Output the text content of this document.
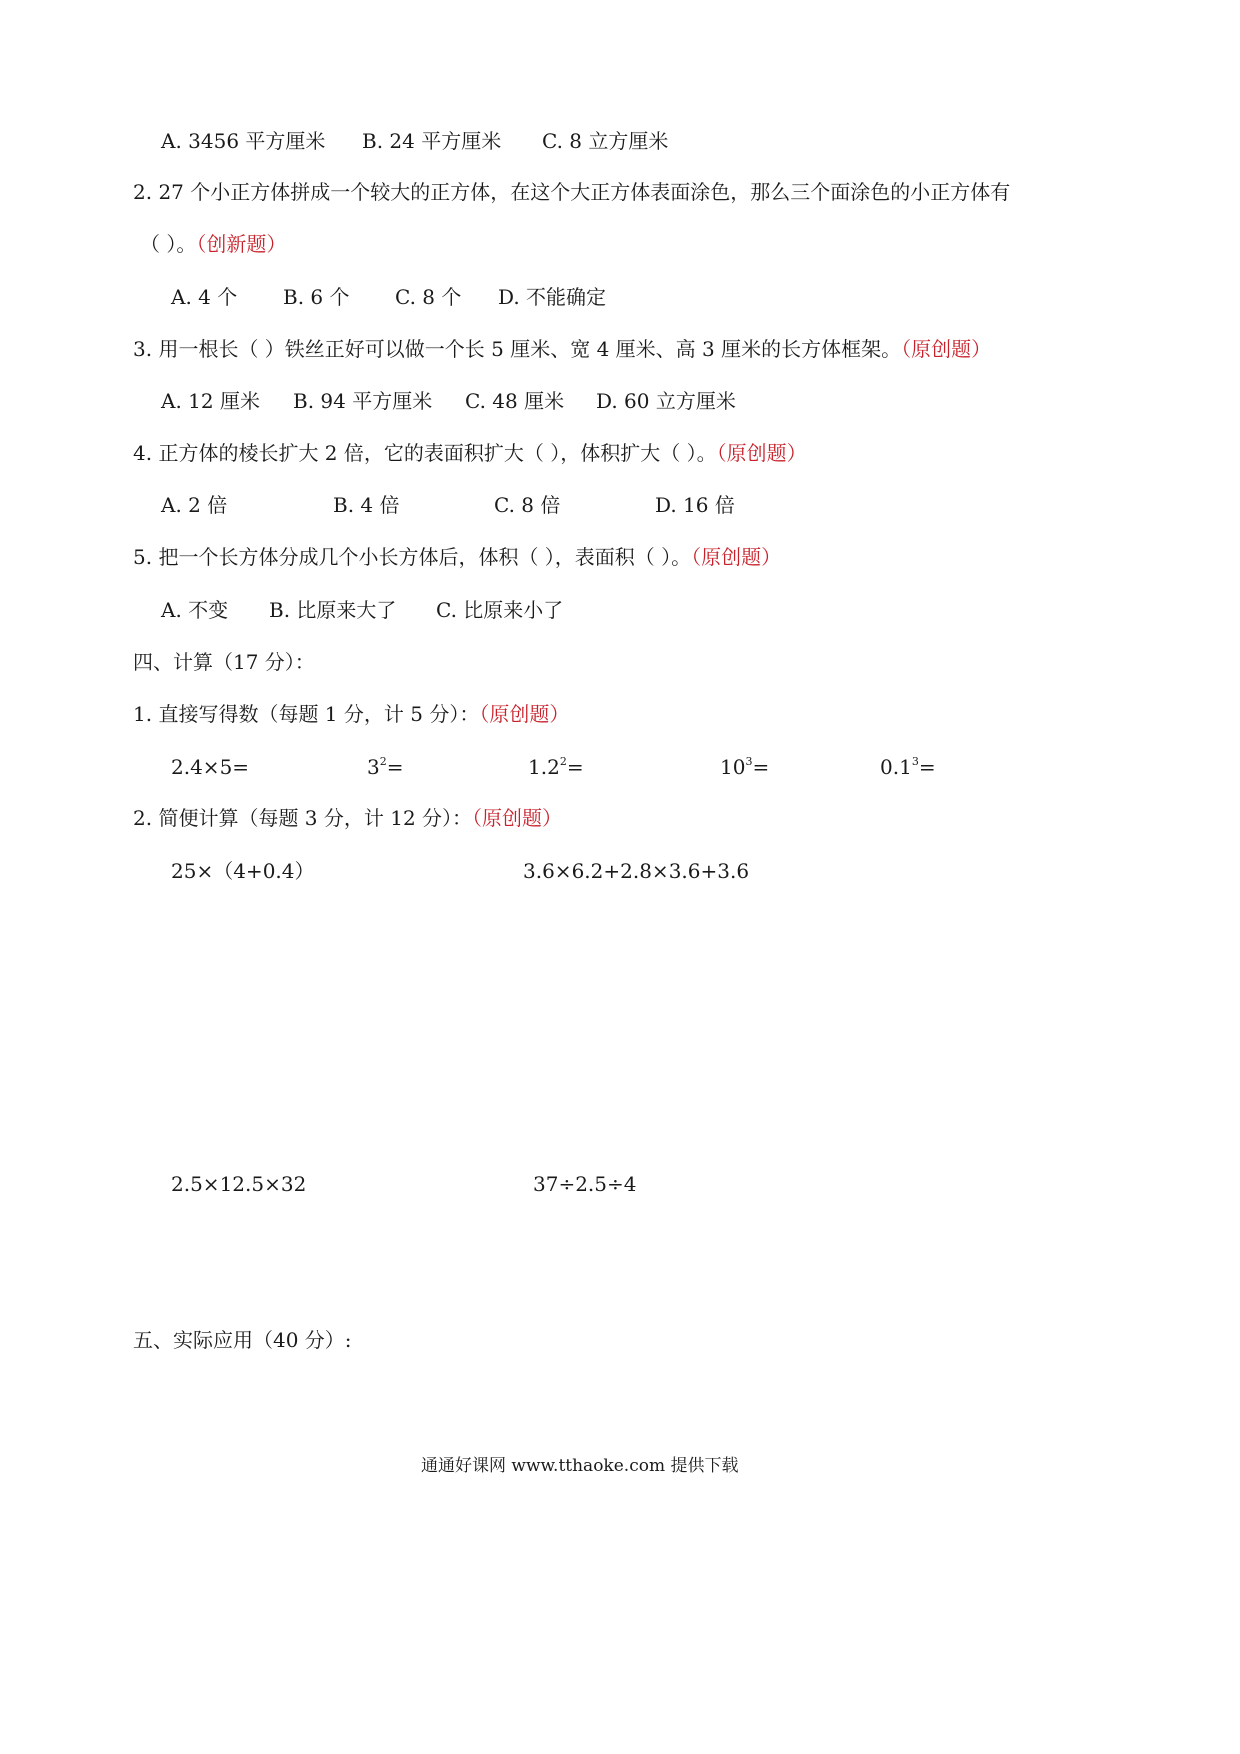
A. 3456 平方厘米 B. 24 平方厘米 C. 8 立方厘米
2. 27 个小正方体拼成一个较大的正方体，在这个大正方体表面涂色，那么三个面涂色的小正方体有
（ ）。（创新题）
A. 4 个 B. 6 个 C. 8 个 D. 不能确定
3. 用一根长（ ）铁丝正好可以做一个长 5 厘米、宽 4 厘米、高 3 厘米的长方体框架。（原创题）
A. 12 厘米 B. 94 平方厘米 C. 48 厘米 D. 60 立方厘米
4. 正方体的棱长扩大 2 倍，它的表面积扩大（ ），体积扩大（ ）。（原创题）
A. 2 倍	B. 4 倍	C. 8 倍	D. 16 倍
5. 把一个长方体分成几个小长方体后，体积（ ），表面积（ ）。（原创题）
A. 不变 B. 比原来大了 C. 比原来小了
四、计算（17 分）：
1. 直接写得数（每题 1 分，计 5 分）：（原创题）
2.4×5=	$3^2=$	$1.2^2=$	$10^3=$	$0.1^3=$
2. 简便计算（每题 3 分，计 12 分）：（原创题）
25×（4+0.4）	3.6×6.2+2.8×3.6+3.6
2.5×12.5×32	37÷2.5÷4
五、实际应用（40 分）:
通通好课网 www.tthaoke.com 提供下载
